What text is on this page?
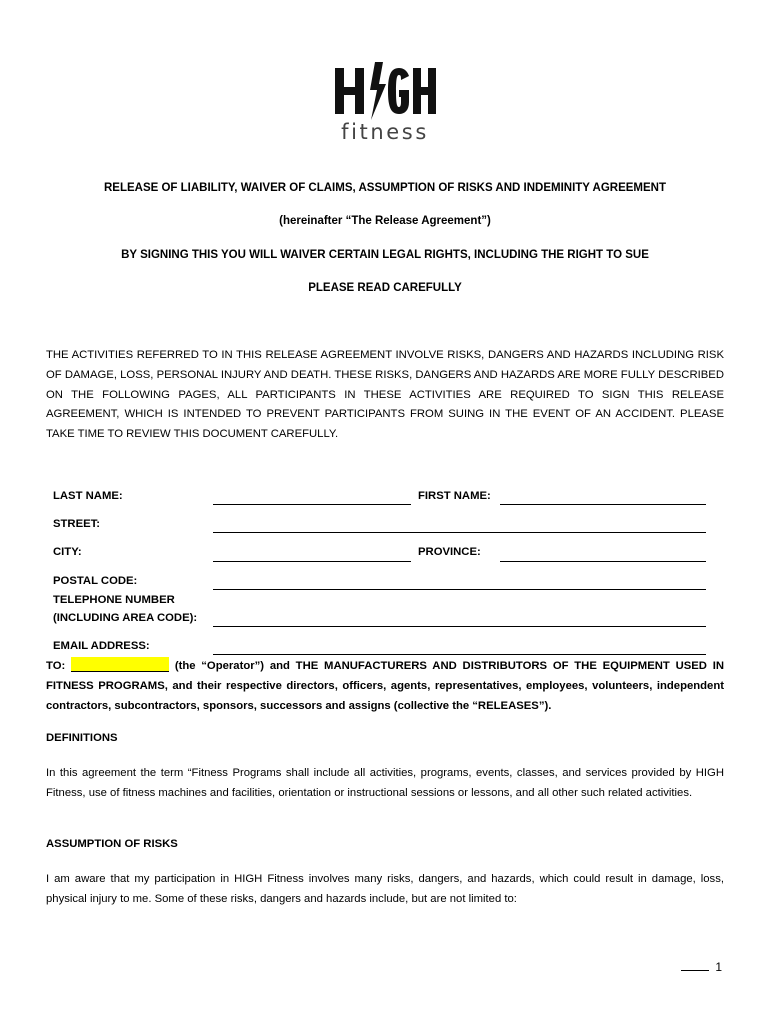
fitness
RELEASE OF LIABILITY, WAIVER OF CLAIMS, ASSUMPTION OF RISKS AND INDEMINITY AGREEMENT
(hereinafter “The Release Agreement”)
BY SIGNING THIS YOU WILL WAIVER CERTAIN LEGAL RIGHTS, INCLUDING THE RIGHT TO SUE
PLEASE READ CAREFULLY
THE ACTIVITIES REFERRED TO IN THIS RELEASE AGREEMENT INVOLVE RISKS, DANGERS AND HAZARDS INCLUDING RISK OF DAMAGE, LOSS, PERSONAL INJURY AND DEATH. THESE RISKS, DANGERS AND HAZARDS ARE MORE FULLY DESCRIBED ON THE FOLLOWING PAGES, ALL PARTICIPANTS IN THESE ACTIVITIES ARE REQUIRED TO SIGN THIS RELEASE AGREEMENT, WHICH IS INTENDED TO PREVENT PARTICIPANTS FROM SUING IN THE EVENT OF AN ACCIDENT. PLEASE TAKE TIME TO REVIEW THIS DOCUMENT CAREFULLY.
LAST NAME:	FIRST NAME:
STREET:
CITY:	PROVINCE:
POSTAL CODE:
TELEPHONE NUMBER
(INCLUDING AREA CODE):
EMAIL ADDRESS:
TO:	(the “Operator”) and THE MANUFACTURERS AND DISTRIBUTORS OF THE EQUIPMENT USED IN FITNESS PROGRAMS, and their respective directors, officers, agents, representatives, employees, volunteers, independent contractors, subcontractors, sponsors, successors and assigns (collective the “RELEASES”).
DEFINITIONS
In this agreement the term “Fitness Programs shall include all activities, programs, events, classes, and services provided by HIGH Fitness, use of fitness machines and facilities, orientation or instructional sessions or lessons, and all other such related activities.
ASSUMPTION OF RISKS
I am aware that my participation in HIGH Fitness involves many risks, dangers, and hazards, which could result in damage, loss, physical injury to me. Some of these risks, dangers and hazards include, but are not limited to:
1
